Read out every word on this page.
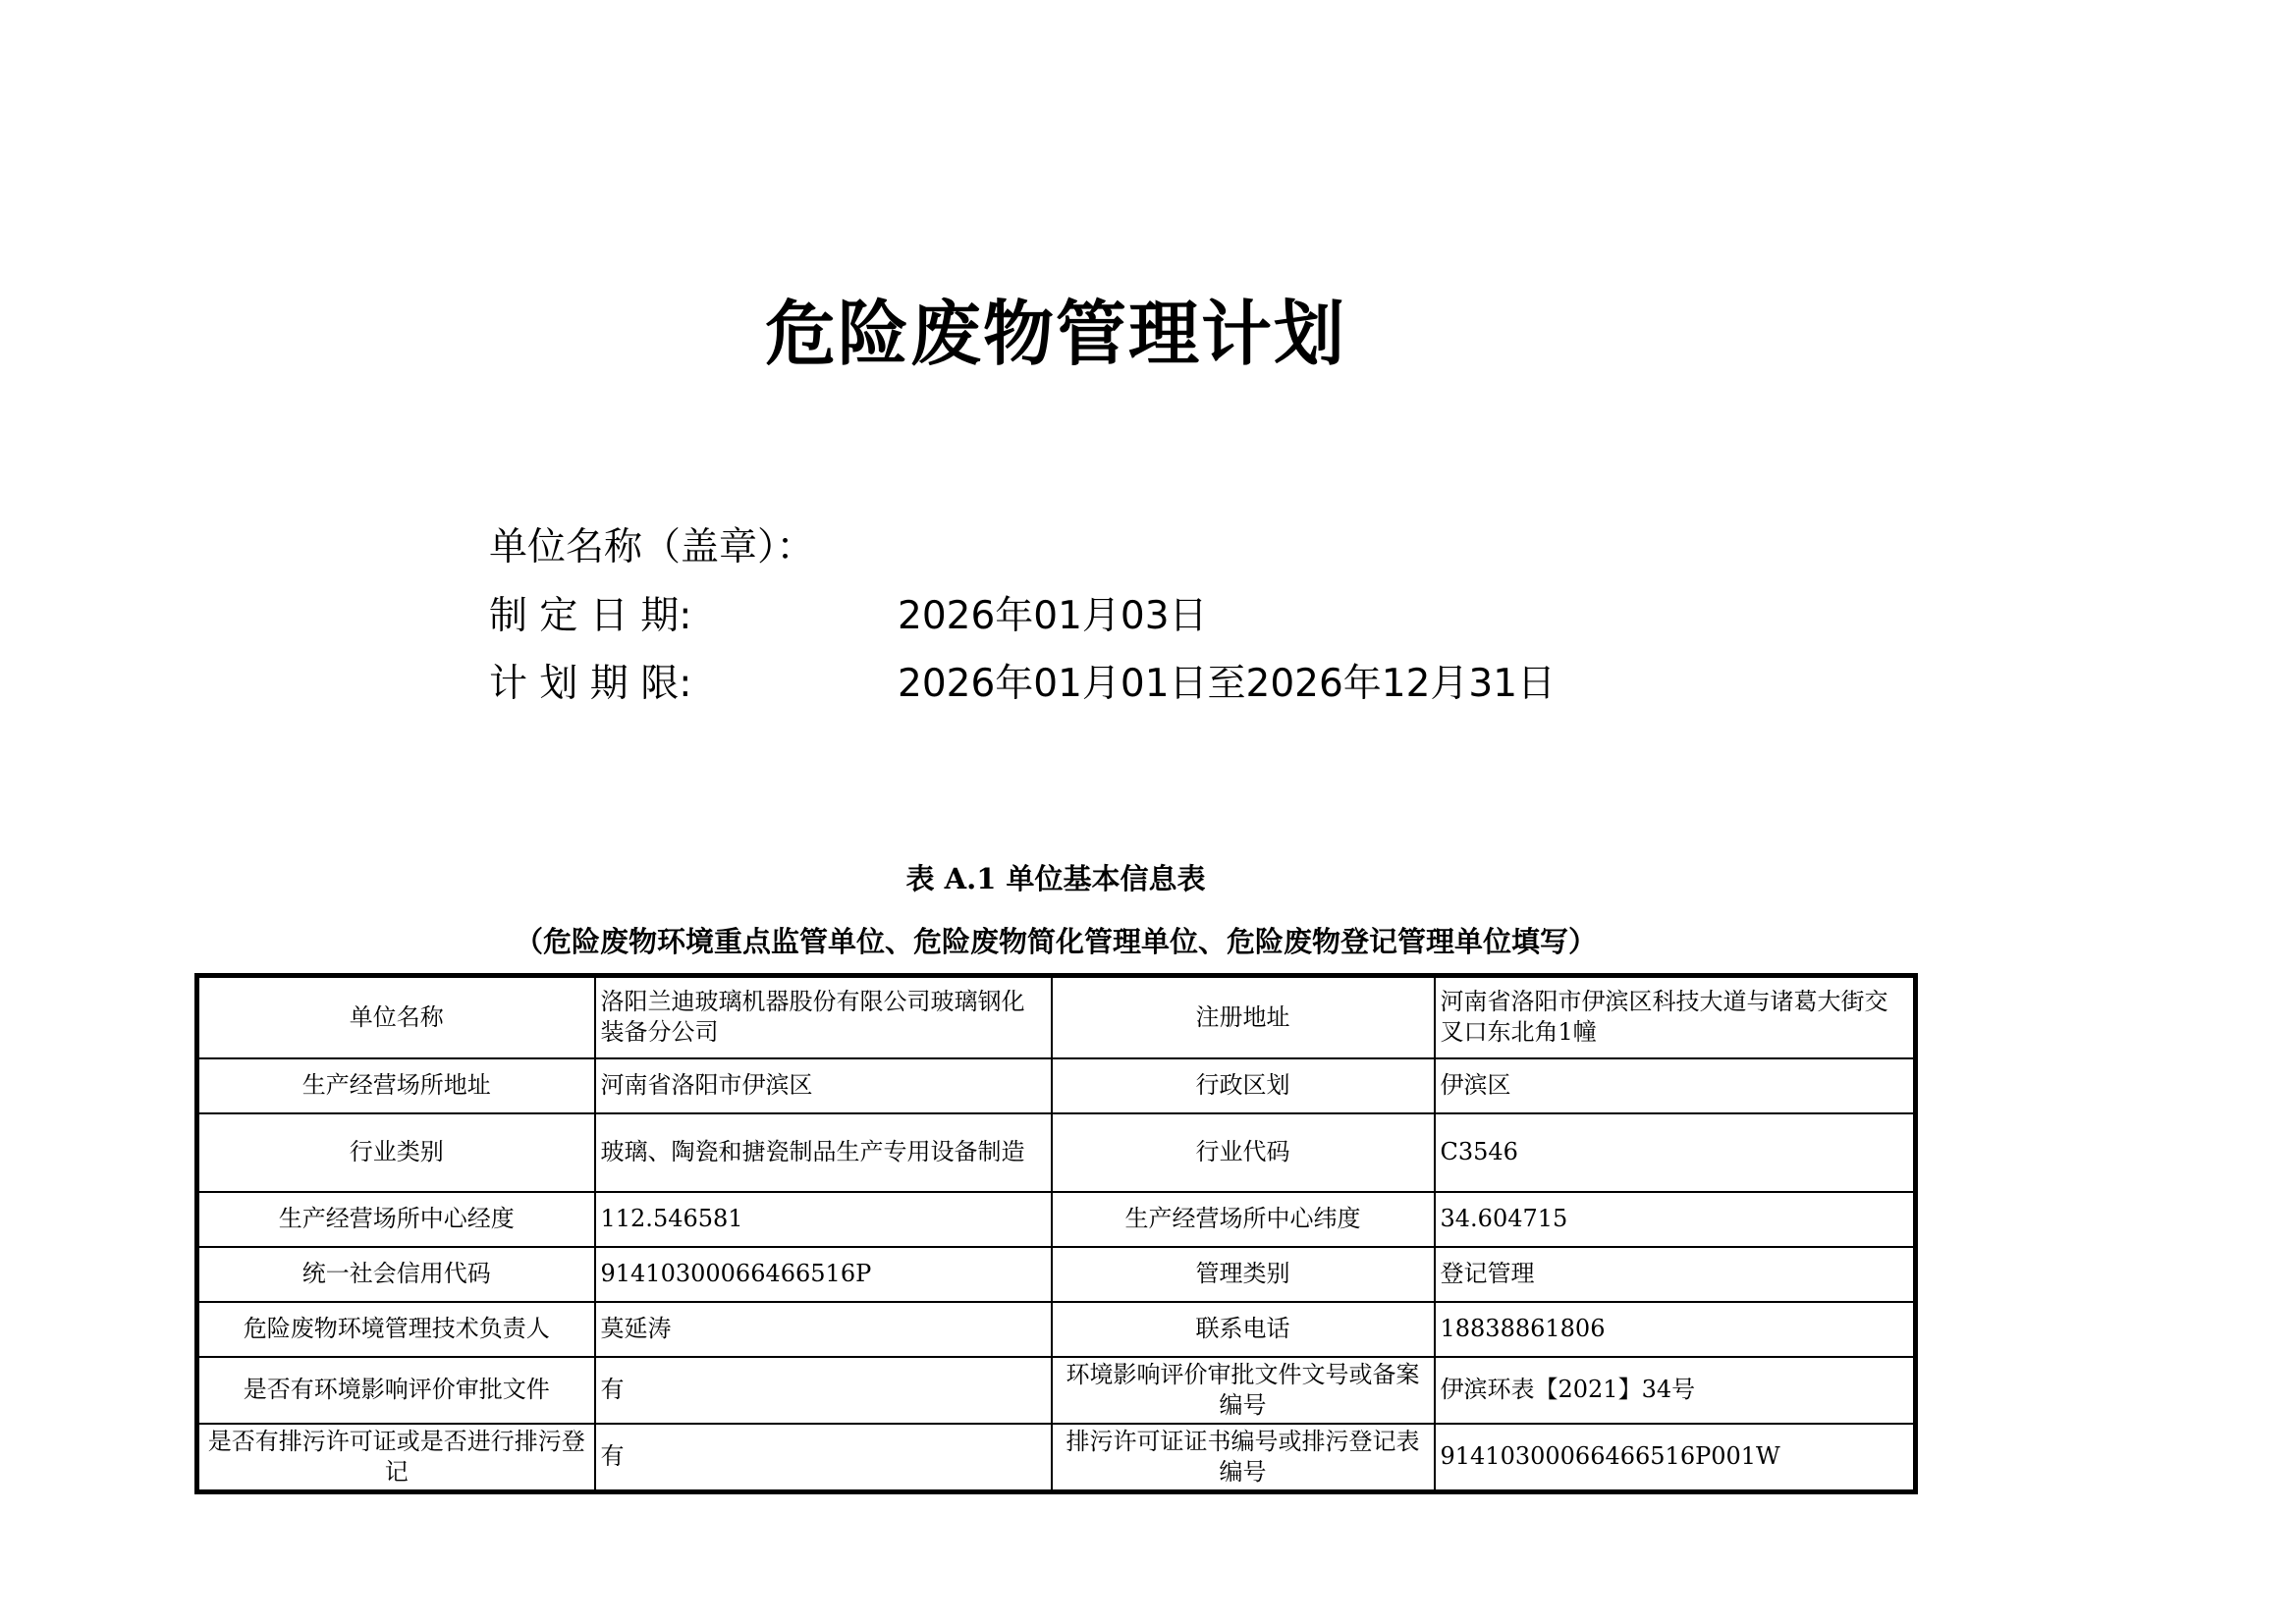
危险废物管理计划
单位名称（盖章）：
制 定 日 期:	2026年01月03日
计 划 期 限:	2026年01月01日至2026年12月31日
表 A.1 单位基本信息表
（危险废物环境重点监管单位、危险废物简化管理单位、危险废物登记管理单位填写）
单位名称	洛阳兰迪玻璃机器股份有限公司玻璃钢化装备分公司	注册地址	河南省洛阳市伊滨区科技大道与诸葛大街交叉口东北角1幢
生产经营场所地址	河南省洛阳市伊滨区	行政区划	伊滨区
行业类别	玻璃、陶瓷和搪瓷制品生产专用设备制造	行业代码	C3546
生产经营场所中心经度	112.546581	生产经营场所中心纬度	34.604715
统一社会信用代码	91410300066466516P	管理类别	登记管理
危险废物环境管理技术负责人	莫延涛	联系电话	18838861806
是否有环境影响评价审批文件	有	环境影响评价审批文件文号或备案编号	伊滨环表【2021】34号
是否有排污许可证或是否进行排污登记	有	排污许可证证书编号或排污登记表编号	91410300066466516P001W
